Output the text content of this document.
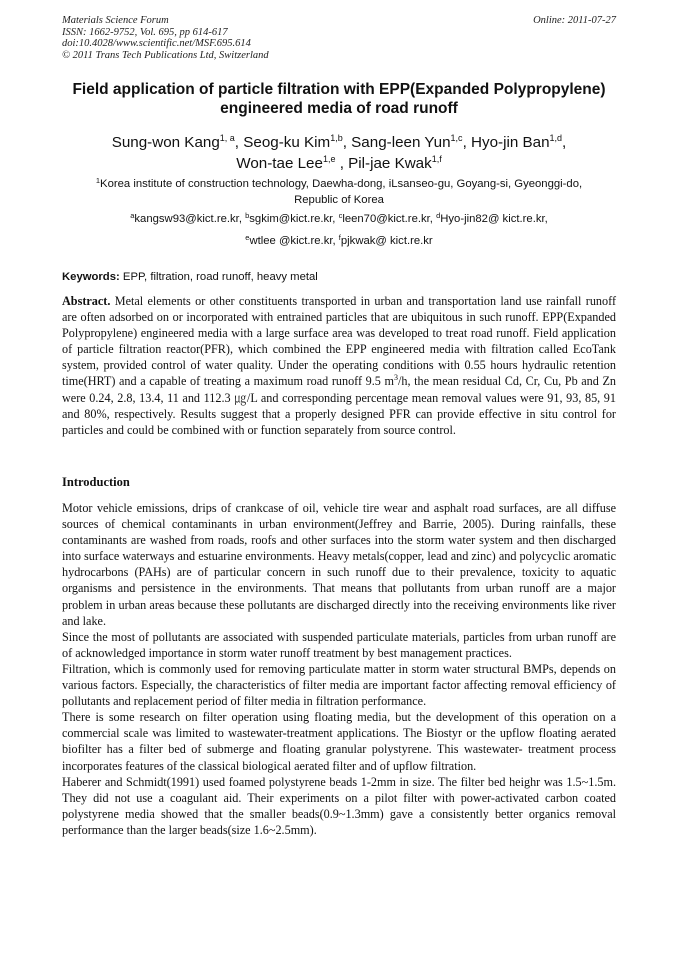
Materials Science Forum
ISSN: 1662-9752, Vol. 695, pp 614-617
doi:10.4028/www.scientific.net/MSF.695.614
© 2011 Trans Tech Publications Ltd, Switzerland
Online: 2011-07-27
Field application of particle filtration with EPP(Expanded Polypropylene)
engineered media of road runoff
Sung-won Kang$^{1, a}$, Seog-ku Kim$^{1,b}$, Sang-leen Yun$^{1,c}$, Hyo-jin Ban$^{1,d}$,
Won-tae Lee$^{1,e}$ , Pil-jae Kwak$^{1,f}$
$^1$Korea institute of construction technology, Daewha-dong, iLsanseo-gu, Goyang-si, Gyeonggi-do,
Republic of Korea
$^a$kangsw93@kict.re.kr, $^b$sgkim@kict.re.kr, $^c$leen70@kict.re.kr, $^d$Hyo-jin82@ kict.re.kr,
$^e$wtlee @kict.re.kr, $^f$pjkwak@ kict.re.kr
Keywords: EPP, filtration, road runoff, heavy metal

Abstract. Metal elements or other constituents transported in urban and transportation land use rainfall runoff are often adsorbed on or incorporated with entrained particles that are ubiquitous in such runoff. EPP(Expanded Polypropylene) engineered media with a large surface area was developed to treat road runoff. Field application of particle filtration reactor(PFR), which combined the EPP engineered media with filtration called EcoTank system, provided control of water quality. Under the operating conditions with 0.55 hours hydraulic retention time(HRT) and a capable of treating a maximum road runoff 9.5 $m^3/h$, the mean residual Cd, Cr, Cu, Pb and Zn were 0.24, 2.8, 13.4, 11 and 112.3 ㎍/L and corresponding percentage mean removal values were 91, 93, 85, 91 and 80%, respectively. Results suggest that a properly designed PFR can provide effective in situ control for particles and could be combined with or function separately from source control.

Introduction

Motor vehicle emissions, drips of crankcase of oil, vehicle tire wear and asphalt road surfaces, are all diffuse sources of chemical contaminants in urban environment(Jeffrey and Barrie, 2005). During rainfalls, these contaminants are washed from roads, roofs and other surfaces into the storm water system and then discharged into surface waterways and estuarine environments. Heavy metals(copper, lead and zinc) and polycyclic aromatic hydrocarbons (PAHs) are of particular concern in such runoff due to their prevalence, toxicity to aquatic organisms and persistence in the environments. That means that pollutants from urban runoff are a major problem in urban areas because these pollutants are discharged directly into the receiving environments like river and lake.

Since the most of pollutants are associated with suspended particulate materials, particles from urban runoff are of acknowledged importance in storm water runoff treatment by best management practices.

Filtration, which is commonly used for removing particulate matter in storm water structural BMPs, depends on various factors. Especially, the characteristics of filter media are important factor affecting removal efficiency of pollutants and replacement period of filter media in filtration performance.

There is some research on filter operation using floating media, but the development of this operation on a commercial scale was limited to wastewater-treatment applications. The Biostyr or the upflow floating aerated biofilter has a filter bed of submerge and floating granular polystyrene. This wastewater- treatment process incorporates features of the classical biological aerated filter and of upflow filtration.

Haberer and Schmidt(1991) used foamed polystyrene beads 1-2mm in size. The filter bed heighr was 1.5~1.5m. They did not use a coagulant aid. Their experiments on a pilot filter with power-activated carbon coated polystyrene media showed that the smaller beads(0.9~1.3mm) gave a consistently better organics removal performance than the larger beads(size 1.6~2.5mm).
